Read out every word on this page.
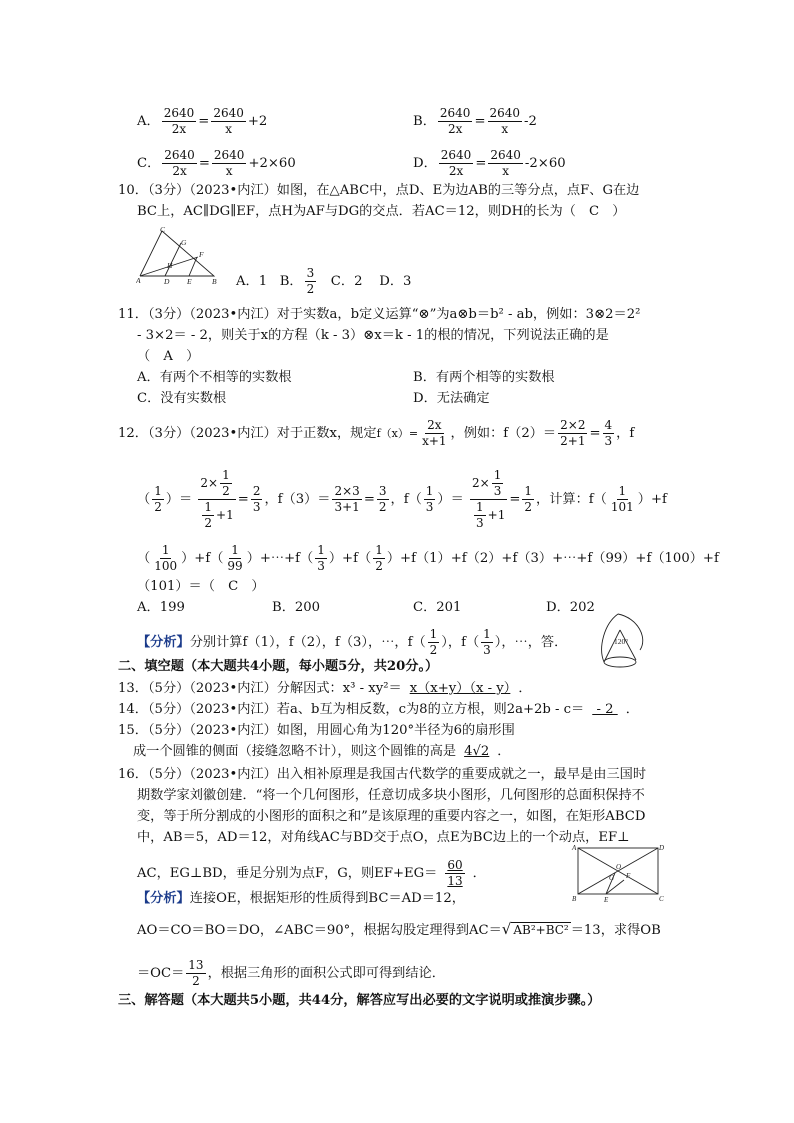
A． $\frac{2640}{2x} = \frac{2640}{x} +2$	B． $\frac{2640}{2x} = \frac{2640}{x} -2$
C． $\frac{2640}{2x} = \frac{2640}{x} +2\times 60$	D． $\frac{2640}{2x} = \frac{2640}{x} -2\times 60$
10．（3分）（2023•内江）如图，在△ABC中，点D、E为边AB的三等分点，点F、G在边
BC上，AC∥DG∥EF，点H为AF与DG的交点．若AC＝12，则DH的长为（　C　）
A
C
D E	B
G
F
H
A．1 B． $\frac{3}{2}$ C．2 D．3
11．（3分）（2023•内江）对于实数a，b定义运算“⊗”为a⊗b＝b² - ab，例如：3⊗2＝2²
- 3×2＝ - 2，则关于x的方程（k - 3）⊗x＝k - 1的根的情况，下列说法正确的是
（　A　）
A．有两个不相等的实数根	B．有两个相等的实数根
C．没有实数根	D．无法确定
12．（3分）（2023•内江）对于正数x，规定$f(x)= \frac{2x}{x+1}$ ，例如：$f(2)= \frac{2\times 2}{2+1} = \frac{4}{3}$ ，f
（ $\frac{1}{2}$ ）＝ $\frac{2\times \frac{1}{2}}{\frac{1}{2} +1} = \frac{2}{3}$ ，$f(3)= \frac{2\times 3}{3+1} = \frac{3}{2}$ ，$f( \frac{1}{3}$ ）＝ $\frac{2\times \frac{1}{3}}{\frac{1}{3} +1} = \frac{1}{2}$ ，计算：$f( \frac{1}{101} )+f$
（ $\frac{1}{100} )+f( \frac{1}{99}$ ）+⋯+f（ $\frac{1}{3} )+f( \frac{1}{2}$ ）+f（1）+f（2）+f（3）+⋯+f（99）+f（100）+f
（101）＝（　C　）
A．199	B．200	C．201	D．202
【分析】分别计算f（1），f（2），f（3），⋯，$f( \frac{1}{2}$ ），$f( \frac{1}{3}$ ），⋯，答．	120°
二、填空题（本大题共4小题，每小题5分，共20分。）
13．（5分）（2023•内江）分解因式：x³ - xy²＝ x（x+y）（x - y） ．
14．（5分）（2023•内江）若a、b互为相反数，c为8的立方根，则2a+2b - c＝ - 2 ．
15．（5分）（2023•内江）如图，用圆心角为120°半径为6的扇形围
成一个圆锥的侧面（接缝忽略不计），则这个圆锥的高是 4√2 ．
16．（5分）（2023•内江）出入相补原理是我国古代数学的重要成就之一，最早是由三国时
期数学家刘徽创建．“将一个几何图形，任意切成多块小图形，几何图形的总面积保持不
变，等于所分割成的小图形的面积之和”是该原理的重要内容之一，如图，在矩形ABCD
中，AB＝5，AD＝12，对角线AC与BD交于点O，点E为BC边上的一个动点，EF⊥
AC，EG⊥BD，垂足分别为点F，G，则$EF+EG= \frac{60}{13}$ ．
A	D
B	C
O
E
F
G
【分析】连接OE，根据矩形的性质得到BC＝AD＝12，
AO＝CO＝BO＝DO，∠ABC＝90°，根据勾股定理得到AC＝√ AB²+BC² ＝13，求得OB
$=OC= \frac{13}{2}$ ，根据三角形的面积公式即可得到结论．
三、解答题（本大题共5小题，共44分，解答应写出必要的文字说明或推演步骤。）
